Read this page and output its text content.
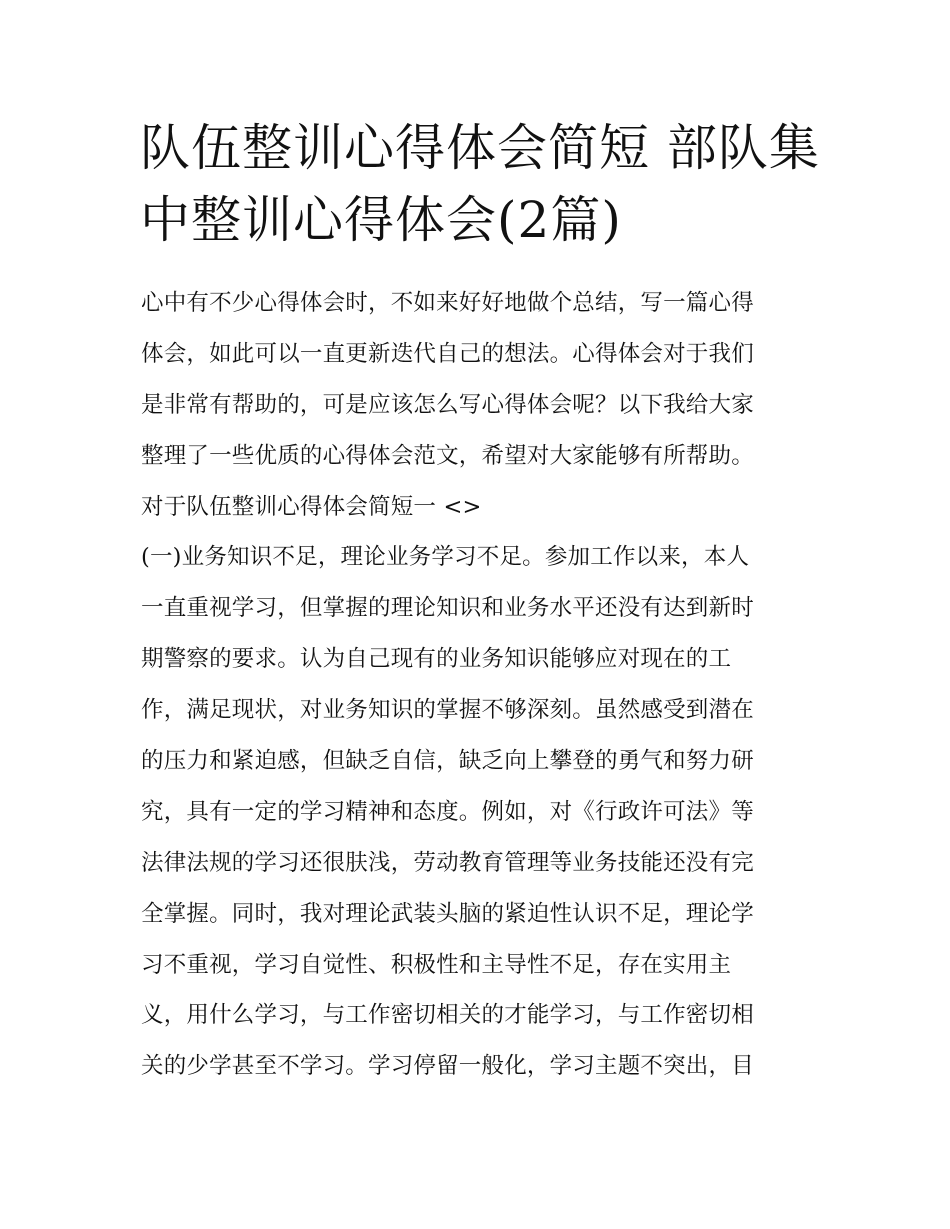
队伍整训心得体会简短 部队集
中整训心得体会(2篇)
心中有不少心得体会时，不如来好好地做个总结，写一篇心得
体会，如此可以一直更新迭代自己的想法。心得体会对于我们
是非常有帮助的，可是应该怎么写心得体会呢？以下我给大家
整理了一些优质的心得体会范文，希望对大家能够有所帮助。
对于队伍整训心得体会简短一 <>
(一)业务知识不足，理论业务学习不足。参加工作以来，本人
一直重视学习，但掌握的理论知识和业务水平还没有达到新时
期警察的要求。认为自己现有的业务知识能够应对现在的工
作，满足现状，对业务知识的掌握不够深刻。虽然感受到潜在
的压力和紧迫感，但缺乏自信，缺乏向上攀登的勇气和努力研
究，具有一定的学习精神和态度。例如，对《行政许可法》等
法律法规的学习还很肤浅，劳动教育管理等业务技能还没有完
全掌握。同时，我对理论武装头脑的紧迫性认识不足，理论学
习不重视，学习自觉性、积极性和主导性不足，存在实用主
义，用什么学习，与工作密切相关的才能学习，与工作密切相
关的少学甚至不学习。学习停留一般化，学习主题不突出，目
